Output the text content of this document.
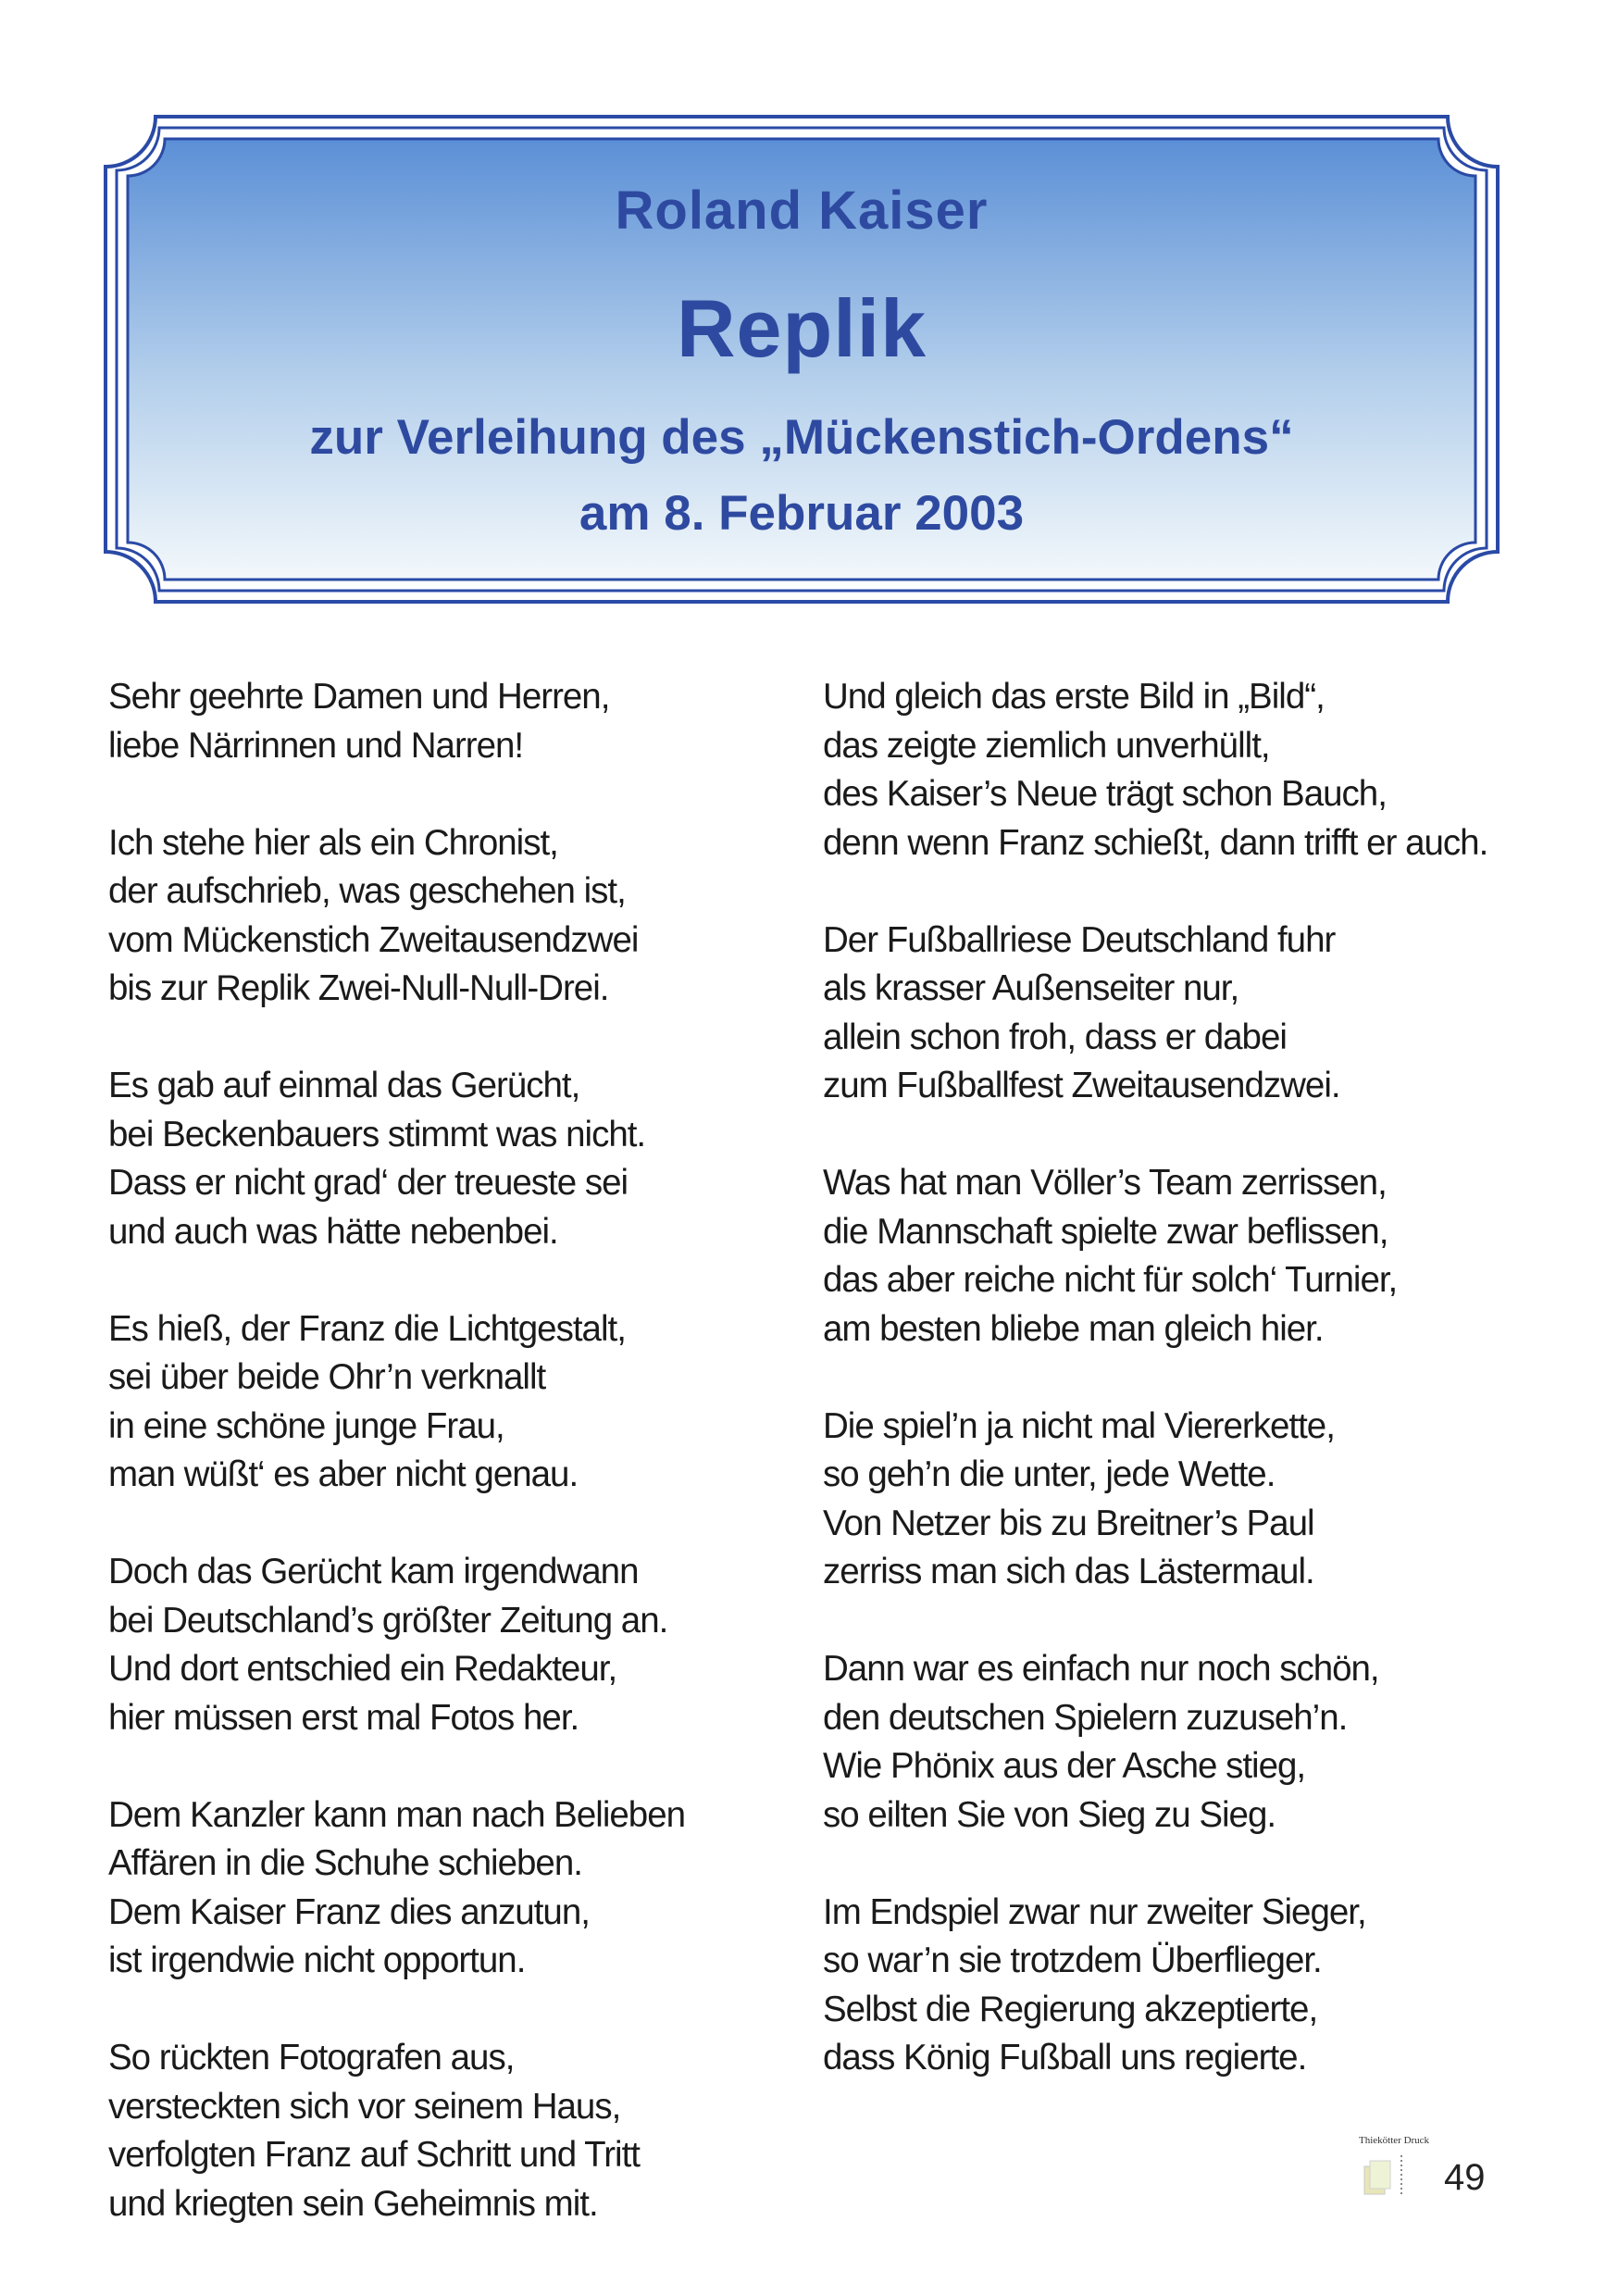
Roland Kaiser
Replik
zur Verleihung des „Mückenstich-Ordens“
am 8. Februar 2003
Sehr geehrte Damen und Herren,
liebe Närrinnen und Narren!
Ich stehe hier als ein Chronist,
der aufschrieb, was geschehen ist,
vom Mückenstich Zweitausendzwei
bis zur Replik Zwei-Null-Null-Drei.
Es gab auf einmal das Gerücht,
bei Beckenbauers stimmt was nicht.
Dass er nicht grad‘ der treueste sei
und auch was hätte nebenbei.
Es hieß, der Franz die Lichtgestalt,
sei über beide Ohr’n verknallt
in eine schöne junge Frau,
man wüßt‘ es aber nicht genau.
Doch das Gerücht kam irgendwann
bei Deutschland’s größter Zeitung an.
Und dort entschied ein Redakteur,
hier müssen erst mal Fotos her.
Dem Kanzler kann man nach Belieben
Affären in die Schuhe schieben.
Dem Kaiser Franz dies anzutun,
ist irgendwie nicht opportun.
So rückten Fotografen aus,
versteckten sich vor seinem Haus,
verfolgten Franz auf Schritt und Tritt
und kriegten sein Geheimnis mit.
Und gleich das erste Bild in „Bild“,
das zeigte ziemlich unverhüllt,
des Kaiser’s Neue trägt schon Bauch,
denn wenn Franz schießt, dann trifft er auch.
Der Fußballriese Deutschland fuhr
als krasser Außenseiter nur,
allein schon froh, dass er dabei
zum Fußballfest Zweitausendzwei.
Was hat man Völler’s Team zerrissen,
die Mannschaft spielte zwar beflissen,
das aber reiche nicht für solch‘ Turnier,
am besten bliebe man gleich hier.
Die spiel’n ja nicht mal Viererkette,
so geh’n die unter, jede Wette.
Von Netzer bis zu Breitner’s Paul
zerriss man sich das Lästermaul.
Dann war es einfach nur noch schön,
den deutschen Spielern zuzuseh’n.
Wie Phönix aus der Asche stieg,
so eilten Sie von Sieg zu Sieg.
Im Endspiel zwar nur zweiter Sieger,
so war’n sie trotzdem Überflieger.
Selbst die Regierung akzeptierte,
dass König Fußball uns regierte.
Thiekötter Druck
49
